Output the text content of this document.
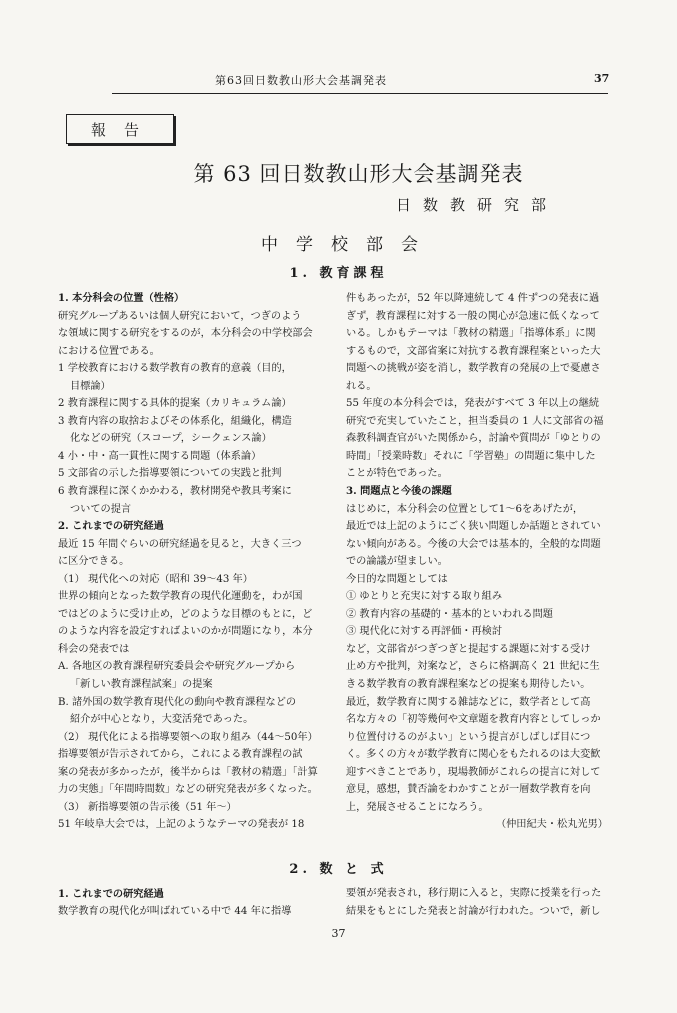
第63回日数教山形大会基調発表	37
報告
第 63 回日数教山形大会基調発表
日数教研究部
中学校部会
1. 教育課程

1. 本分科会の位置（性格）

研究グループあるいは個人研究において，つぎのよう

な領域に関する研究をするのが，本分科会の中学校部会

における位置である。

1 学校教育における数学教育の教育的意義（目的，

目標論）

2 教育課程に関する具体的提案（カリキュラム論）

3 教育内容の取捨およびその体系化，組織化，構造

化などの研究（スコープ，シークェンス論）

4 小・中・高一貫性に関する問題（体系論）

5 文部省の示した指導要領についての実践と批判

6 教育課程に深くかかわる，教材開発や教具考案に

ついての提言

2. これまでの研究経過

最近 15 年間ぐらいの研究経過を見ると，大きく三つ

に区分できる。

（1） 現代化への対応（昭和 39～43 年）

世界の傾向となった数学教育の現代化運動を，わが国

ではどのように受け止め，どのような目標のもとに，ど

のような内容を設定すればよいのかが問題になり，本分

科会の発表では

A. 各地区の教育課程研究委員会や研究グループから

「新しい教育課程試案」の提案

B. 諸外国の数学教育現代化の動向や教育課程などの

紹介が中心となり，大変活発であった。

（2） 現代化による指導要領への取り組み（44～50年）

指導要領が告示されてから，これによる教育課程の試

案の発表が多かったが，後半からは「教材の精選」「計算

力の実態」「年間時間数」などの研究発表が多くなった。

（3） 新指導要領の告示後（51 年～）

51 年岐阜大会では，上記のようなテーマの発表が 18

件もあったが，52 年以降連続して 4 件ずつの発表に過

ぎず，教育課程に対する一般の関心が急速に低くなって

いる。しかもテーマは「教材の精選」「指導体系」に関

するもので，文部省案に対抗する教育課程案といった大

問題への挑戦が姿を消し，数学教育の発展の上で憂慮さ

れる。

55 年度の本分科会では，発表がすべて 3 年以上の継続

研究で充実していたこと，担当委員の 1 人に文部省の福

森教科調査官がいた関係から，討論や質問が「ゆとりの

時間」「授業時数」それに「学習塾」の問題に集中した

ことが特色であった。

3. 問題点と今後の課題

はじめに，本分科会の位置として1～6をあげたが，

最近では上記のようにごく狭い問題しか話題とされてい

ない傾向がある。今後の大会では基本的，全般的な問題

での論議が望ましい。

今日的な問題としては

① ゆとりと充実に対する取り組み

② 教育内容の基礎的・基本的といわれる問題

③ 現代化に対する再評価・再検討

など，文部省がつぎつぎと提起する課題に対する受け

止め方や批判，対案など，さらに格調高く 21 世紀に生

きる数学教育の教育課程案などの提案も期待したい。

最近，数学教育に関する雑誌などに，数学者として高

名な方々の「初等幾何や文章題を教育内容としてしっか

り位置付けるのがよい」という提言がしばしば目につ

く。多くの方々が数学教育に関心をもたれるのは大変歓

迎すべきことであり，現場教師がこれらの提言に対して

意見，感想，賛否論をわかすことが一層数学教育を向

上，発展させることになろう。

（仲田紀夫・松丸光男）

2. 数 と 式

1. これまでの研究経過

数学教育の現代化が叫ばれている中で 44 年に指導

要領が発表され，移行期に入ると，実際に授業を行った

結果をもとにした発表と討論が行われた。ついで，新し

37
